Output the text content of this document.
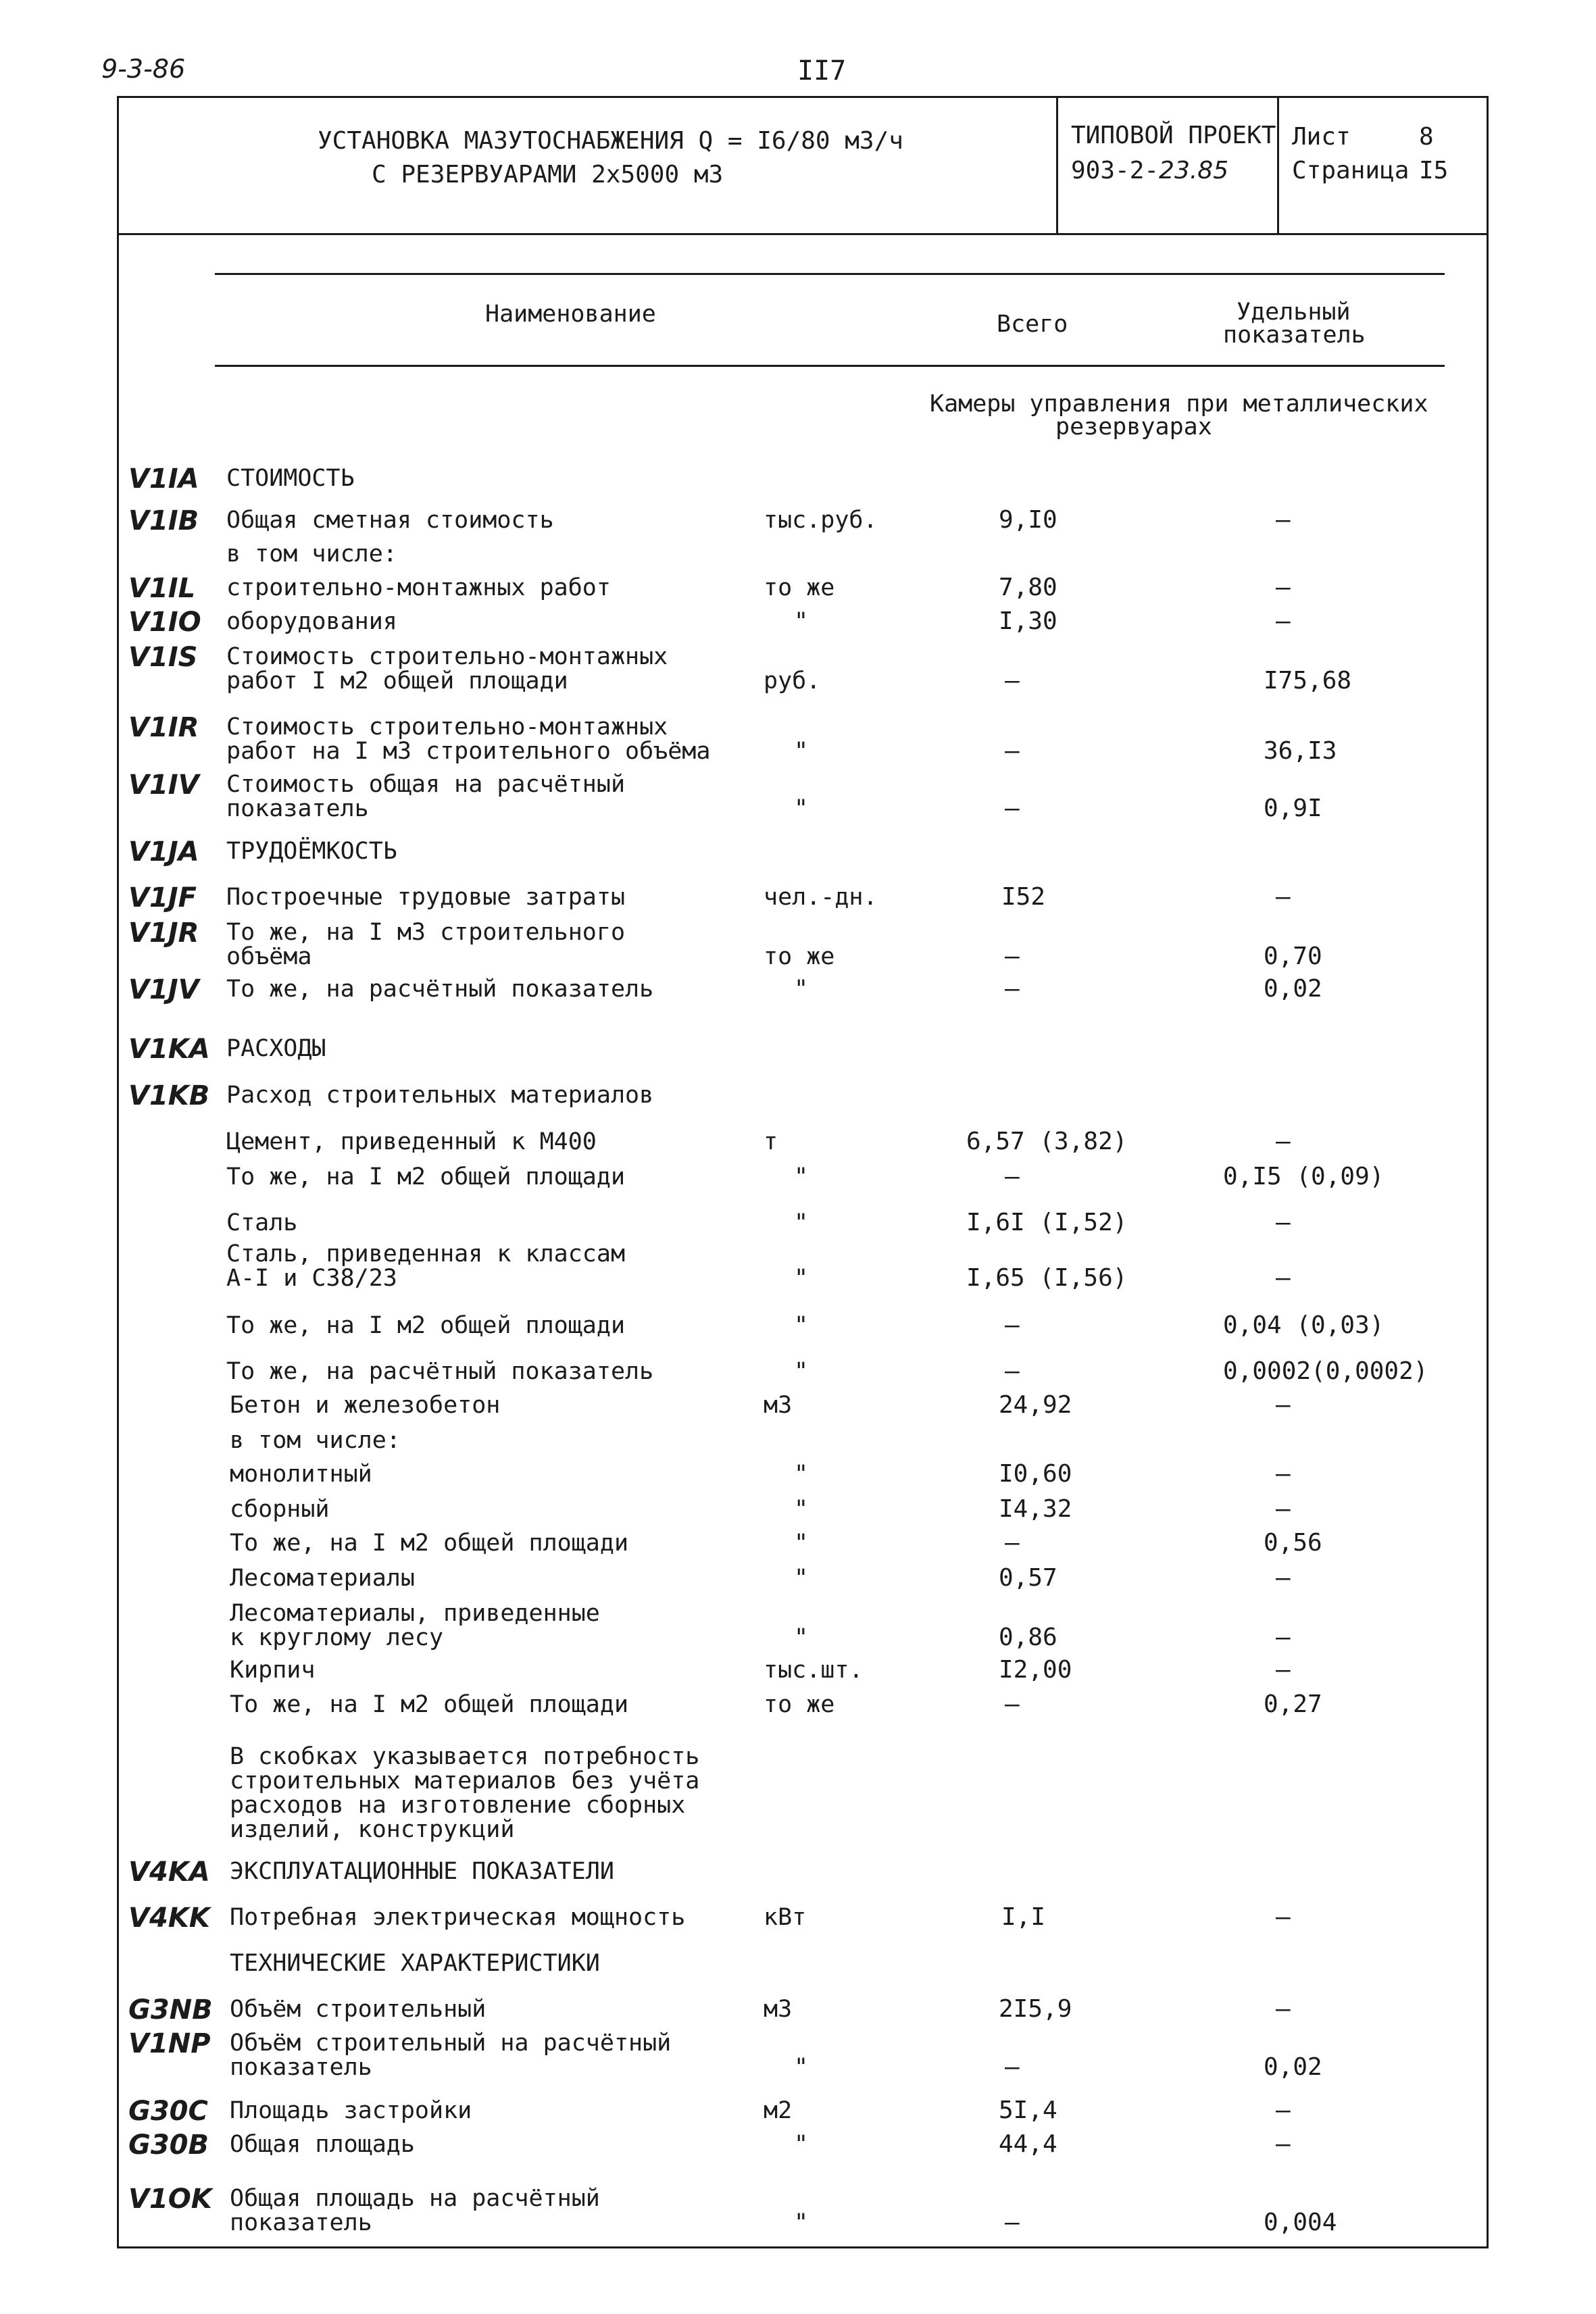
9-3-86	II7
УСТАНОВКА МАЗУТОСНАБЖЕНИЯ Q = I6/80 м3/ч
С РЕЗЕРВУАРАМИ 2х5000 м3
ТИПОВОЙ ПРОЕКТ
903-2-23.85
Лист	8
Страница I5
Наименование	Всего	Удельный
показатель
Камеры управления при металлических
резервуарах
V1IA СТОИМОСТЬ
V1IB Общая сметная стоимость	тыс.руб.	9,I0	–
в том числе:
V1IL строительно-монтажных работ	то же	7,80	–
V1IO оборудования	"	I,30	–
V1IS Стоимость строительно-монтажных
работ I м2 общей площади	руб.	–	I75,68
V1IR Стоимость строительно-монтажных
работ на I м3 строительного объёма	"	–	36,I3
V1IV Стоимость общая на расчётный
показатель	"	–	0,9I
V1JA ТРУДОЁМКОСТЬ
V1JF Построечные трудовые затраты	чел.-дн.	I52	–
V1JR То же, на I м3 строительного
объёма	то же	–	0,70
V1JV То же, на расчётный показатель	"	–	0,02
V1KA РАСХОДЫ
V1KB Расход строительных материалов
Цемент, приведенный к М400	т	6,57 (3,82)	–
То же, на I м2 общей площади	"	–	0,I5 (0,09)
Сталь	"	I,6I (I,52)	–
Сталь, приведенная к классам
А-I и С38/23	"	I,65 (I,56)	–
То же, на I м2 общей площади	"	–	0,04 (0,03)
То же, на расчётный показатель	"	–	0,0002(0,0002)
Бетон и железобетон	м3	24,92	–
в том числе:
монолитный	"	I0,60	–
сборный	"	I4,32	–
То же, на I м2 общей площади	"	–	0,56
Лесоматериалы	"	0,57	–
Лесоматериалы, приведенные
к круглому лесу	"	0,86	–
Кирпич	тыс.шт.	I2,00	–
То же, на I м2 общей площади	то же	–	0,27
В скобках указывается потребность
строительных материалов без учёта
расходов на изготовление сборных
изделий, конструкций
V4KA ЭКСПЛУАТАЦИОННЫЕ ПОКАЗАТЕЛИ
V4KK Потребная электрическая мощность	кВт	I,I	–
ТЕХНИЧЕСКИЕ ХАРАКТЕРИСТИКИ
G3NB Объём строительный	м3	2I5,9	–
V1NP Объём строительный на расчётный
показатель	"	–	0,02
G30C Площадь застройки	м2	5I,4	–
G30B Общая площадь	"	44,4	–
V1OK Общая площадь на расчётный
показатель	"	–	0,004
